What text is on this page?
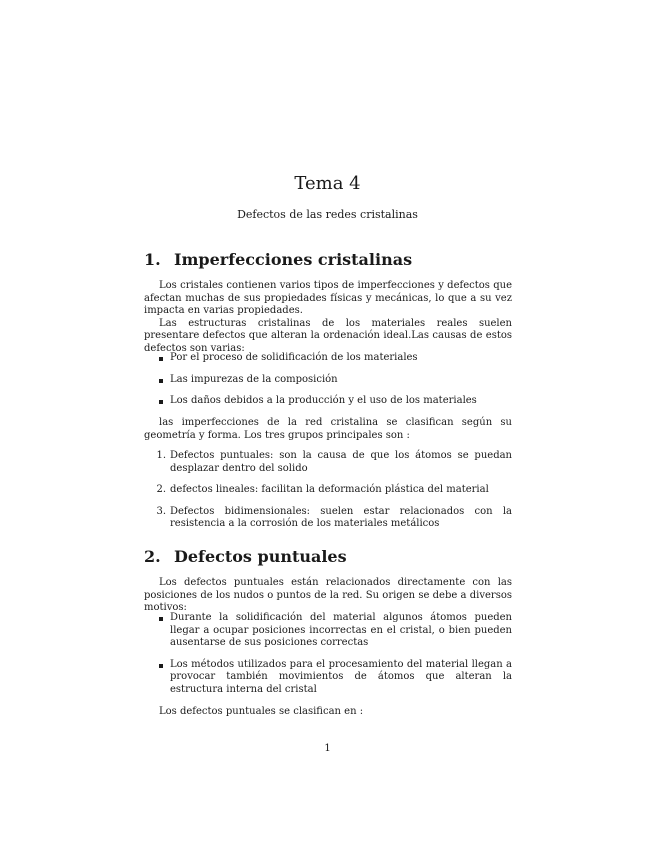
Tema 4
Defectos de las redes cristalinas
1. Imperfecciones cristalinas

Los cristales contienen varios tipos de imperfecciones y defectos que afectan muchas de sus propiedades físicas y mecánicas, lo que a su vez impacta en varias propiedades.

Las estructuras cristalinas de los materiales reales suelen presentare defectos que alteran la ordenación ideal.Las causas de estos defectos son varias:

Por el proceso de solidificación de los materiales
Las impurezas de la composición
Los daños debidos a la producción y el uso de los materiales

las imperfecciones de la red cristalina se clasifican según su geometría y forma. Los tres grupos principales son :

1. Defectos puntuales: son la causa de que los átomos se puedan desplazar dentro del solido
2. defectos lineales: facilitan la deformación plástica del material
3. Defectos bidimensionales: suelen estar relacionados con la resistencia a la corrosión de los materiales metálicos
2. Defectos puntuales

Los defectos puntuales están relacionados directamente con las posiciones de los nudos o puntos de la red. Su origen se debe a diversos motivos:

Durante la solidificación del material algunos átomos pueden llegar a ocupar posiciones incorrectas en el cristal, o bien pueden ausentarse de sus posiciones correctas
Los métodos utilizados para el procesamiento del material llegan a provocar también movimientos de átomos que alteran la estructura interna del cristal

Los defectos puntuales se clasifican en :

1
